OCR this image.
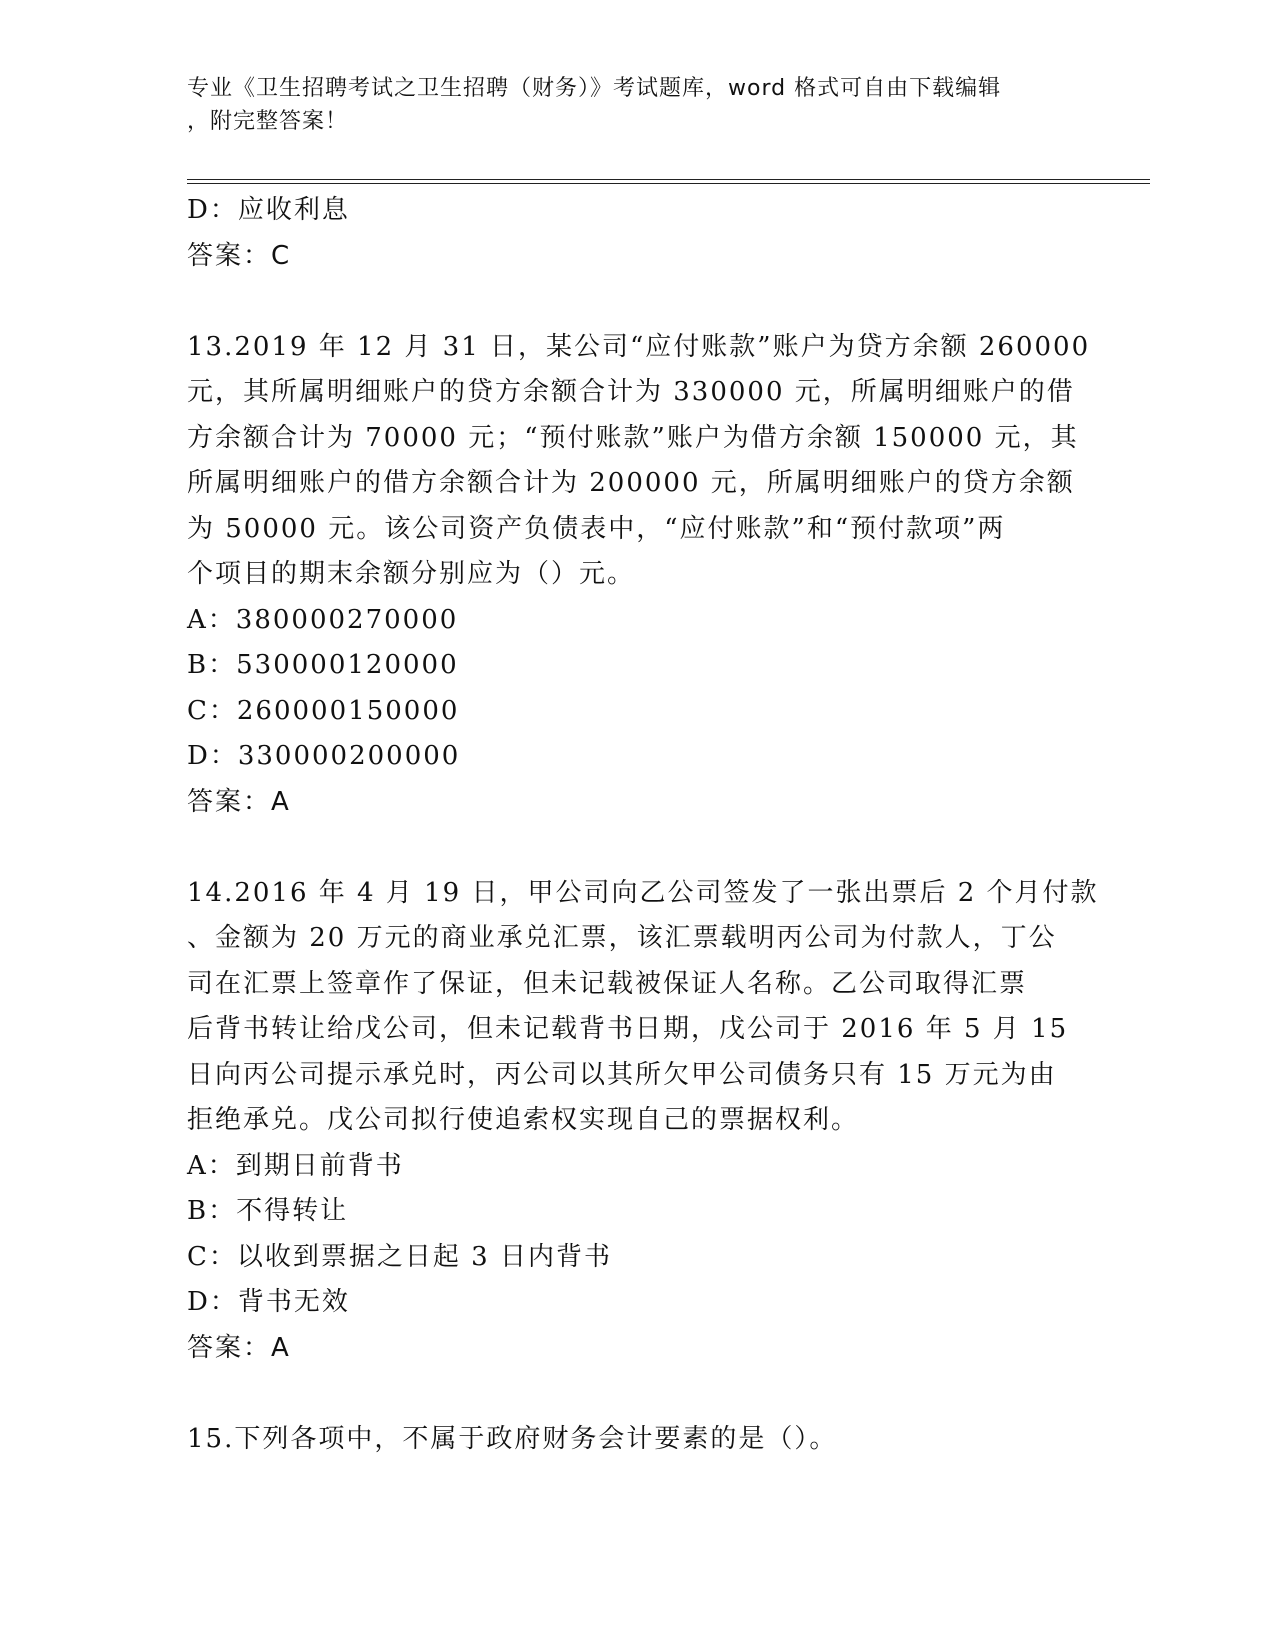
专业《卫生招聘考试之卫生招聘（财务）》考试题库，word 格式可自由下载编辑
，附完整答案！
D：应收利息
答案：C
13.2019 年 12 月 31 日，某公司“应付账款”账户为贷方余额 260000
元，其所属明细账户的贷方余额合计为 330000 元，所属明细账户的借
方余额合计为 70000 元；“预付账款”账户为借方余额 150000 元，其
所属明细账户的借方余额合计为 200000 元，所属明细账户的贷方余额
为 50000 元。该公司资产负债表中，“应付账款”和“预付款项”两
个项目的期末余额分别应为（）元。
A：380000270000
B：530000120000
C：260000150000
D：330000200000
答案：A
14.2016 年 4 月 19 日，甲公司向乙公司签发了一张出票后 2 个月付款
、金额为 20 万元的商业承兑汇票，该汇票载明丙公司为付款人，丁公
司在汇票上签章作了保证，但未记载被保证人名称。乙公司取得汇票
后背书转让给戊公司，但未记载背书日期，戊公司于 2016 年 5 月 15
日向丙公司提示承兑时，丙公司以其所欠甲公司债务只有 15 万元为由
拒绝承兑。戊公司拟行使追索权实现自己的票据权利。
A：到期日前背书
B：不得转让
C：以收到票据之日起 3 日内背书
D：背书无效
答案：A
15.下列各项中，不属于政府财务会计要素的是（）。
